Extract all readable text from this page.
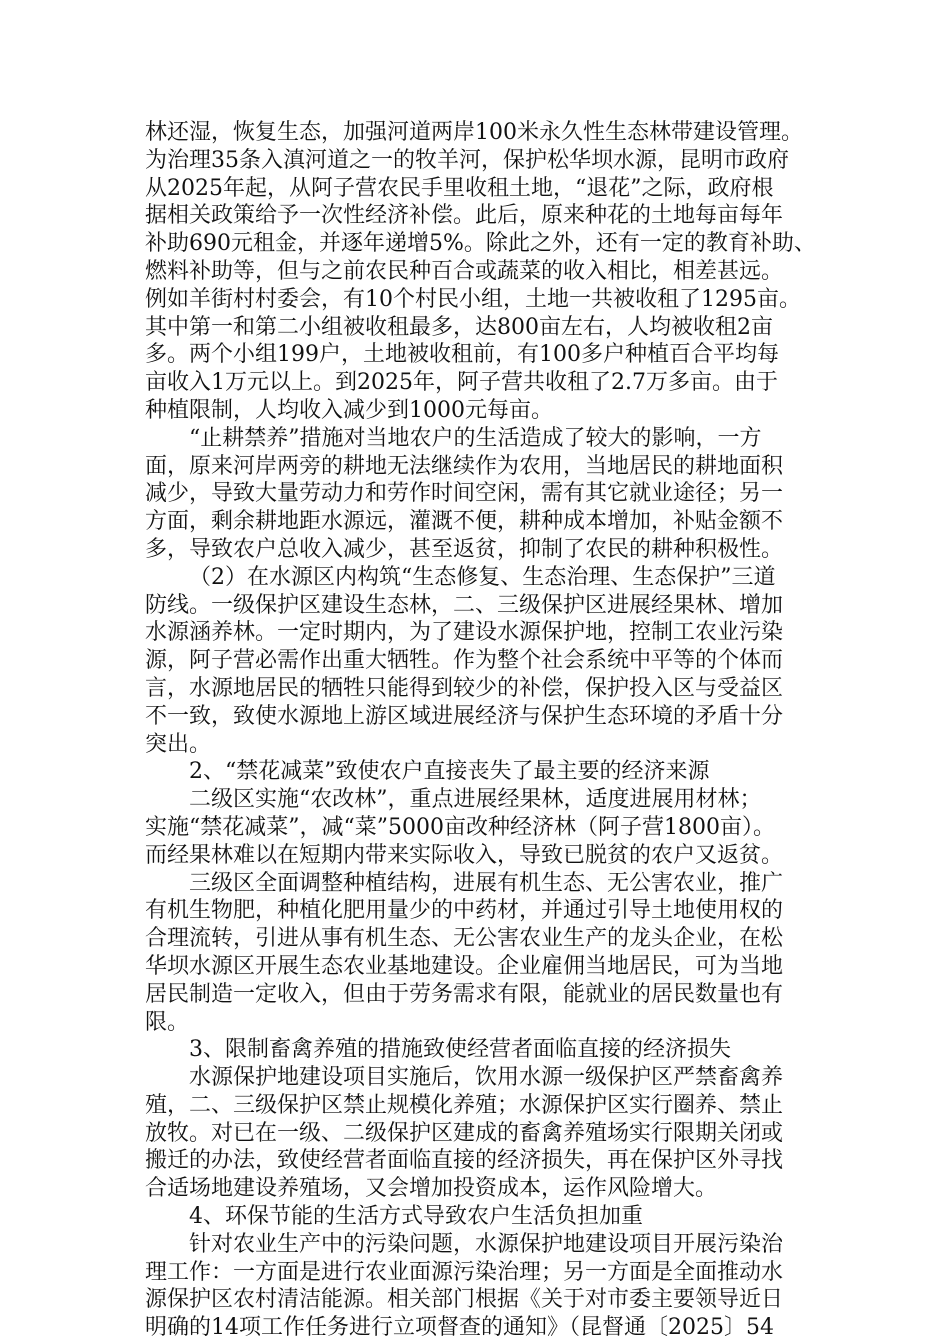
林还湿，恢复生态，加强河道两岸100米永久性生态林带建设管理。
为治理35条入滇河道之一的牧羊河，保护松华坝水源，昆明市政府
从2025年起，从阿子营农民手里收租土地，“退花”之际，政府根
据相关政策给予一次性经济补偿。此后，原来种花的土地每亩每年
补助690元租金，并逐年递增5%。除此之外，还有一定的教育补助、
燃料补助等，但与之前农民种百合或蔬菜的收入相比，相差甚远。
例如羊街村村委会，有10个村民小组，土地一共被收租了1295亩。
其中第一和第二小组被收租最多，达800亩左右，人均被收租2亩
多。两个小组199户，土地被收租前，有100多户种植百合平均每
亩收入1万元以上。到2025年，阿子营共收租了2.7万多亩。由于
种植限制，人均收入减少到1000元每亩。
“止耕禁养”措施对当地农户的生活造成了较大的影响，一方
面，原来河岸两旁的耕地无法继续作为农用，当地居民的耕地面积
减少，导致大量劳动力和劳作时间空闲，需有其它就业途径；另一
方面，剩余耕地距水源远，灌溉不便，耕种成本增加，补贴金额不
多，导致农户总收入减少，甚至返贫，抑制了农民的耕种积极性。
（2）在水源区内构筑“生态修复、生态治理、生态保护”三道
防线。一级保护区建设生态林，二、三级保护区进展经果林、增加
水源涵养林。一定时期内，为了建设水源保护地，控制工农业污染
源，阿子营必需作出重大牺牲。作为整个社会系统中平等的个体而
言，水源地居民的牺牲只能得到较少的补偿，保护投入区与受益区
不一致，致使水源地上游区域进展经济与保护生态环境的矛盾十分
突出。
2、“禁花减菜”致使农户直接丧失了最主要的经济来源
二级区实施“农改林”，重点进展经果林，适度进展用材林；
实施“禁花减菜”，减“菜”5000亩改种经济林（阿子营1800亩）。
而经果林难以在短期内带来实际收入，导致已脱贫的农户又返贫。
三级区全面调整种植结构，进展有机生态、无公害农业，推广
有机生物肥，种植化肥用量少的中药材，并通过引导土地使用权的
合理流转，引进从事有机生态、无公害农业生产的龙头企业，在松
华坝水源区开展生态农业基地建设。企业雇佣当地居民，可为当地
居民制造一定收入，但由于劳务需求有限，能就业的居民数量也有
限。
3、限制畜禽养殖的措施致使经营者面临直接的经济损失
水源保护地建设项目实施后，饮用水源一级保护区严禁畜禽养
殖，二、三级保护区禁止规模化养殖；水源保护区实行圈养、禁止
放牧。对已在一级、二级保护区建成的畜禽养殖场实行限期关闭或
搬迁的办法，致使经营者面临直接的经济损失，再在保护区外寻找
合适场地建设养殖场，又会增加投资成本，运作风险增大。
4、环保节能的生活方式导致农户生活负担加重
针对农业生产中的污染问题，水源保护地建设项目开展污染治
理工作：一方面是进行农业面源污染治理；另一方面是全面推动水
源保护区农村清洁能源。相关部门根据《关于对市委主要领导近日
明确的14项工作任务进行立项督查的通知》（昆督通〔2025〕54
